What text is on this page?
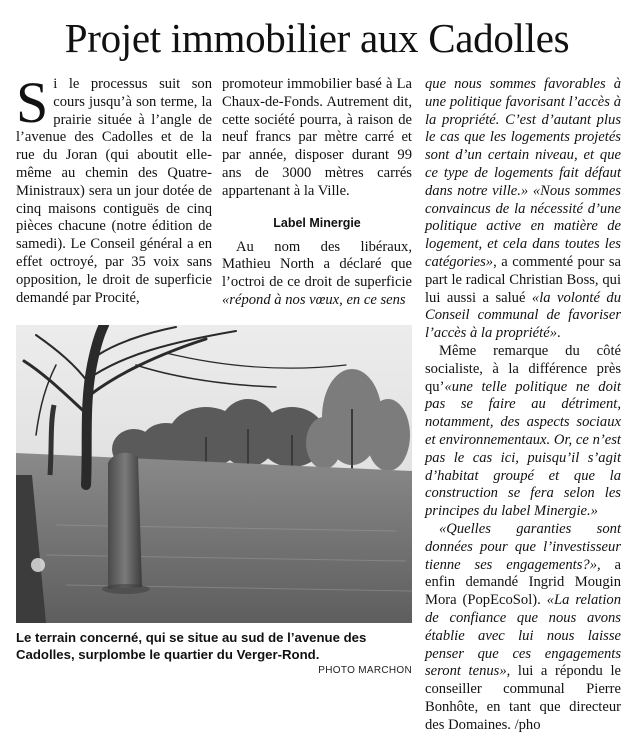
Projet immobilier aux Cadolles

Si le processus suit son cours jusqu’à son terme, la prairie située à l’angle de l’avenue des Cadolles et de la rue du Joran (qui aboutit elle-même au chemin des Quatre-Ministraux) sera un jour dotée de cinq maisons contiguës de cinq pièces chacune (notre édition de samedi). Le Conseil général a en effet octroyé, par 35 voix sans opposition, le droit de superficie demandé par Procité,

promoteur immobilier basé à La Chaux-de-Fonds. Autrement dit, cette société pourra, à raison de neuf francs par mètre carré et par année, disposer durant 99 ans de 3000 mètres carrés appartenant à la Ville.

Label Minergie

Au nom des libéraux, Mathieu North a déclaré que l’octroi de ce droit de superficie «répond à nos vœux, en ce sens

que nous sommes favorables à une politique favorisant l’accès à la propriété. C’est d’autant plus le cas que les logements projetés sont d’un certain niveau, et que ce type de logements fait défaut dans notre ville.» «Nous sommes convaincus de la nécessité d’une politique active en matière de logement, et cela dans toutes les catégories», a commenté pour sa part le radical Christian Boss, qui lui aussi a salué «la volonté du Conseil communal de favoriser l’accès à la propriété».

Même remarque du côté socialiste, à la différence près qu’«une telle politique ne doit pas se faire au détriment, notamment, des aspects sociaux et environnementaux. Or, ce n’est pas le cas ici, puisqu’il s’agit d’habitat groupé et que la construction se fera selon les principes du label Minergie.»

«Quelles garanties sont données pour que l’investisseur tienne ses engagements?», a enfin demandé Ingrid Mougin Mora (PopEcoSol). «La relation de confiance que nous avons établie avec lui nous laisse penser que ces engagements seront tenus», lui a répondu le conseiller communal Pierre Bonhôte, en tant que directeur des Domaines. /pho

Le terrain concerné, qui se situe au sud de l’avenue des Cadolles, surplombe le quartier du Verger-Rond.
PHOTO MARCHON
